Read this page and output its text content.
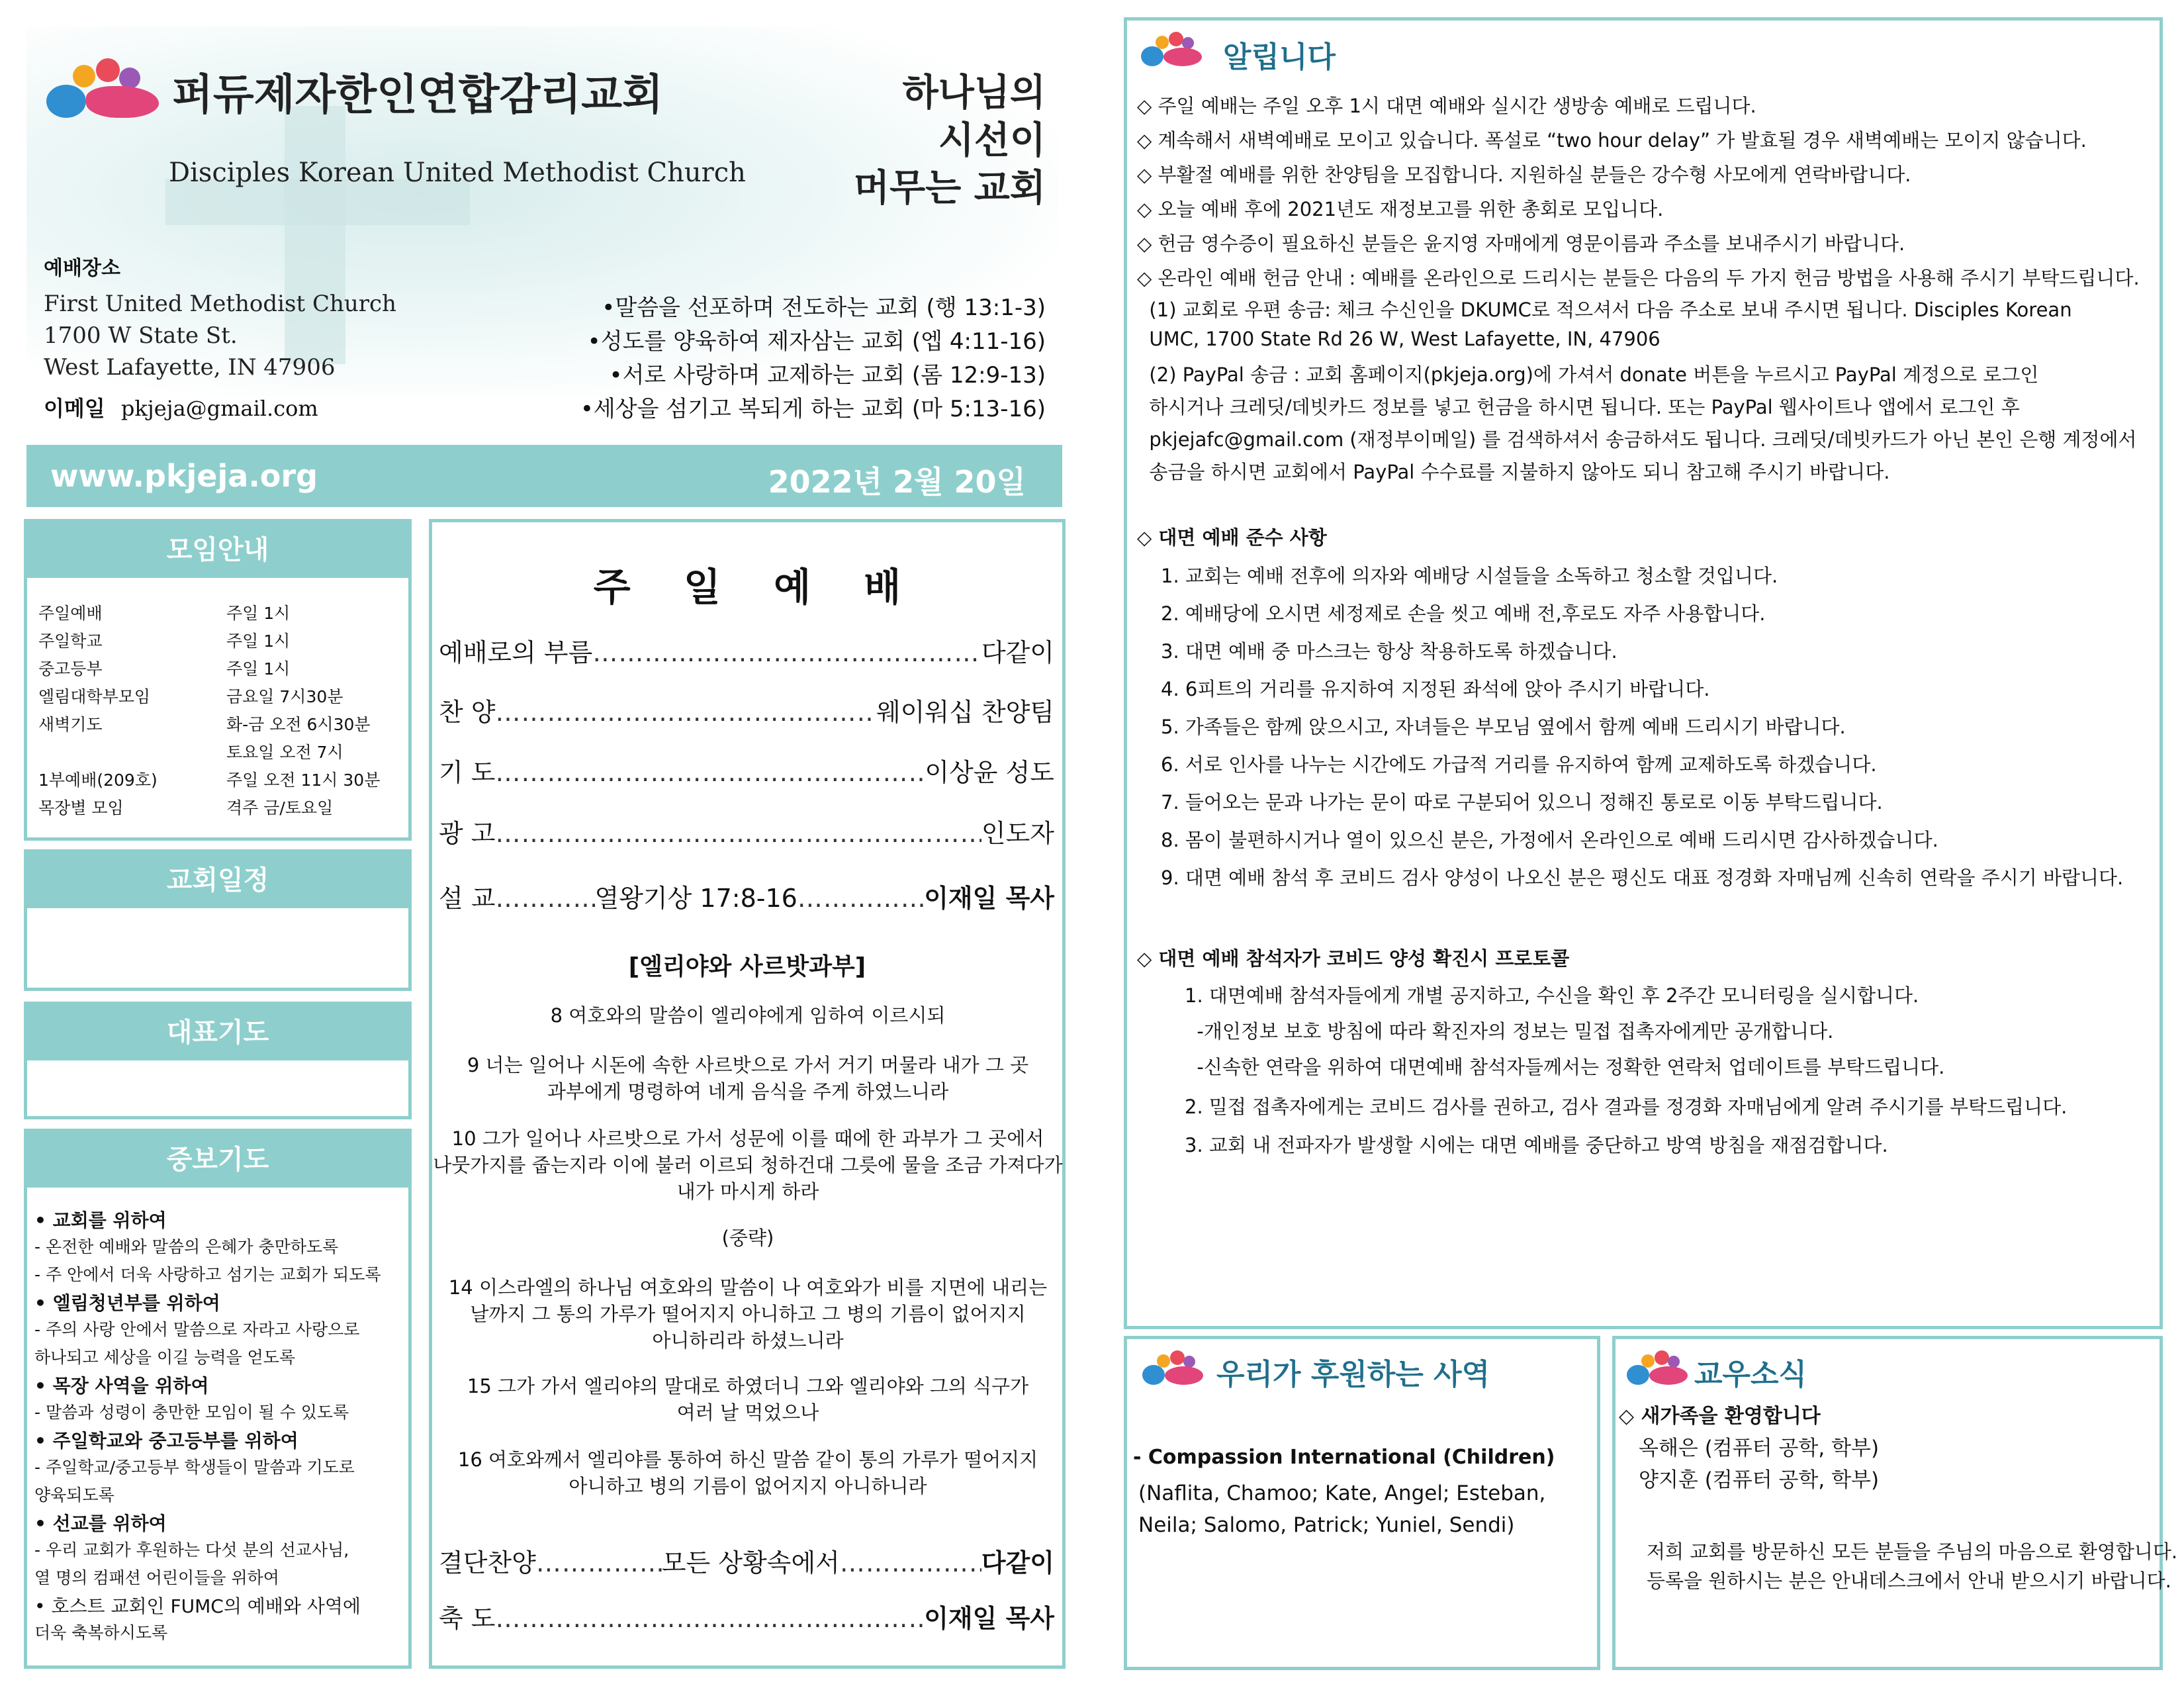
퍼듀제자한인연합감리교회
Disciples Korean United Methodist Church
하나님의
시선이
머무는 교회
예배장소
First United Methodist Church
1700 W State St.
West Lafayette, IN 47906
이메일 pkjeja@gmail.com
•말씀을 선포하며 전도하는 교회 (행 13:1-3)
•성도를 양육하여 제자삼는 교회 (엡 4:11-16)
•서로 사랑하며 교제하는 교회 (롬 12:9-13)
•세상을 섬기고 복되게 하는 교회 (마 5:13-16)
www.pkjeja.org	2022년 2월 20일
모임안내
주일예배	주일 1시
주일학교	주일 1시
중고등부	주일 1시
엘림대학부모임	금요일 7시30분
새벽기도	화-금 오전 6시30분
토요일 오전 7시
1부예배(209호)	주일 오전 11시 30분
목장별 모임	격주 금/토요일
교회일정
대표기도
중보기도
• 교회를 위하여
- 온전한 예배와 말씀의 은혜가 충만하도록
- 주 안에서 더욱 사랑하고 섬기는 교회가 되도록
• 엘림청년부를 위하여
- 주의 사랑 안에서 말씀으로 자라고 사랑으로
하나되고 세상을 이길 능력을 얻도록
• 목장 사역을 위하여
- 말씀과 성령이 충만한 모임이 될 수 있도록
• 주일학교와 중고등부를 위하여
- 주일학교/중고등부 학생들이 말씀과 기도로
양육되도록
• 선교를 위하여
- 우리 교회가 후원하는 다섯 분의 선교사님,
열 명의 컴패션 어린이들을 위하여
• 호스트 교회인 FUMC의 예배와 사역에
더욱 축복하시도록
주 일 예 배
예배로의 부름 …………………………………………………………………………………………………	다같이
찬 양 …………………………………………………………………………………………………	웨이워십 찬양팀
기 도 …………………………………………………………………………………………………	이상윤 성도
광 고 …………………………………………………………………………………………………	인도자
설 교 …………………………………………………………………………………………………	열왕기상 17:8-16 …………………………………………………………………………………………………	이재일 목사
[엘리야와 사르밧과부]
8 여호와의 말씀이 엘리야에게 임하여 이르시되
9 너는 일어나 시돈에 속한 사르밧으로 가서 거기 머물라 내가 그 곳
과부에게 명령하여 네게 음식을 주게 하였느니라
10 그가 일어나 사르밧으로 가서 성문에 이를 때에 한 과부가 그 곳에서
나뭇가지를 줍는지라 이에 불러 이르되 청하건대 그릇에 물을 조금 가져다가
내가 마시게 하라
(중략)
14 이스라엘의 하나님 여호와의 말씀이 나 여호와가 비를 지면에 내리는
날까지 그 통의 가루가 떨어지지 아니하고 그 병의 기름이 없어지지
아니하리라 하셨느니라
15 그가 가서 엘리야의 말대로 하였더니 그와 엘리야와 그의 식구가
여러 날 먹었으나
16 여호와께서 엘리야를 통하여 하신 말씀 같이 통의 가루가 떨어지지
아니하고 병의 기름이 없어지지 아니하니라
결단찬양 …………………………………………………………………………………………………	모든 상황속에서 …………………………………………………………………………………………………	다같이
축 도 …………………………………………………………………………………………………	이재일 목사
알립니다
◇ 주일 예배는 주일 오후 1시 대면 예배와 실시간 생방송 예배로 드립니다.
◇ 계속해서 새벽예배로 모이고 있습니다. 폭설로 “two hour delay” 가 발효될 경우 새벽예배는 모이지 않습니다.
◇ 부활절 예배를 위한 찬양팀을 모집합니다. 지원하실 분들은 강수형 사모에게 연락바랍니다.
◇ 오늘 예배 후에 2021년도 재정보고를 위한 총회로 모입니다.
◇ 헌금 영수증이 필요하신 분들은 윤지영 자매에게 영문이름과 주소를 보내주시기 바랍니다.
◇ 온라인 예배 헌금 안내 : 예배를 온라인으로 드리시는 분들은 다음의 두 가지 헌금 방법을 사용해 주시기 부탁드립니다.
(1) 교회로 우편 송금: 체크 수신인을 DKUMC로 적으셔서 다음 주소로 보내 주시면 됩니다. Disciples Korean
UMC, 1700 State Rd 26 W, West Lafayette, IN, 47906
(2) PayPal 송금 : 교회 홈페이지(pkjeja.org)에 가셔서 donate 버튼을 누르시고 PayPal 계정으로 로그인
하시거나 크레딧/데빗카드 정보를 넣고 헌금을 하시면 됩니다. 또는 PayPal 웹사이트나 앱에서 로그인 후
pkjejafc@gmail.com (재정부이메일) 를 검색하셔서 송금하셔도 됩니다. 크레딧/데빗카드가 아닌 본인 은행 계정에서
송금을 하시면 교회에서 PayPal 수수료를 지불하지 않아도 되니 참고해 주시기 바랍니다.
◇ 대면 예배 준수 사항
1. 교회는 예배 전후에 의자와 예배당 시설들을 소독하고 청소할 것입니다.
2. 예배당에 오시면 세정제로 손을 씻고 예배 전,후로도 자주 사용합니다.
3. 대면 예배 중 마스크는 항상 착용하도록 하겠습니다.
4. 6피트의 거리를 유지하여 지정된 좌석에 앉아 주시기 바랍니다.
5. 가족들은 함께 앉으시고, 자녀들은 부모님 옆에서 함께 예배 드리시기 바랍니다.
6. 서로 인사를 나누는 시간에도 가급적 거리를 유지하여 함께 교제하도록 하겠습니다.
7. 들어오는 문과 나가는 문이 따로 구분되어 있으니 정해진 통로로 이동 부탁드립니다.
8. 몸이 불편하시거나 열이 있으신 분은, 가정에서 온라인으로 예배 드리시면 감사하겠습니다.
9. 대면 예배 참석 후 코비드 검사 양성이 나오신 분은 평신도 대표 정경화 자매님께 신속히 연락을 주시기 바랍니다.
◇ 대면 예배 참석자가 코비드 양성 확진시 프로토콜
1. 대면예배 참석자들에게 개별 공지하고, 수신을 확인 후 2주간 모니터링을 실시합니다.
-개인정보 보호 방침에 따라 확진자의 정보는 밀접 접촉자에게만 공개합니다.
-신속한 연락을 위하여 대면예배 참석자들께서는 정확한 연락처 업데이트를 부탁드립니다.
2. 밀접 접촉자에게는 코비드 검사를 권하고, 검사 결과를 정경화 자매님에게 알려 주시기를 부탁드립니다.
3. 교회 내 전파자가 발생할 시에는 대면 예배를 중단하고 방역 방침을 재점검합니다.
우리가 후원하는 사역
- Compassion International (Children)
(Naflita, Chamoo; Kate, Angel; Esteban,
Neila; Salomo, Patrick; Yuniel, Sendi)
교우소식
◇ 새가족을 환영합니다
옥해은 (컴퓨터 공학, 학부)
양지훈 (컴퓨터 공학, 학부)
저희 교회를 방문하신 모든 분들을 주님의 마음으로 환영합니다.
등록을 원하시는 분은 안내데스크에서 안내 받으시기 바랍니다.
